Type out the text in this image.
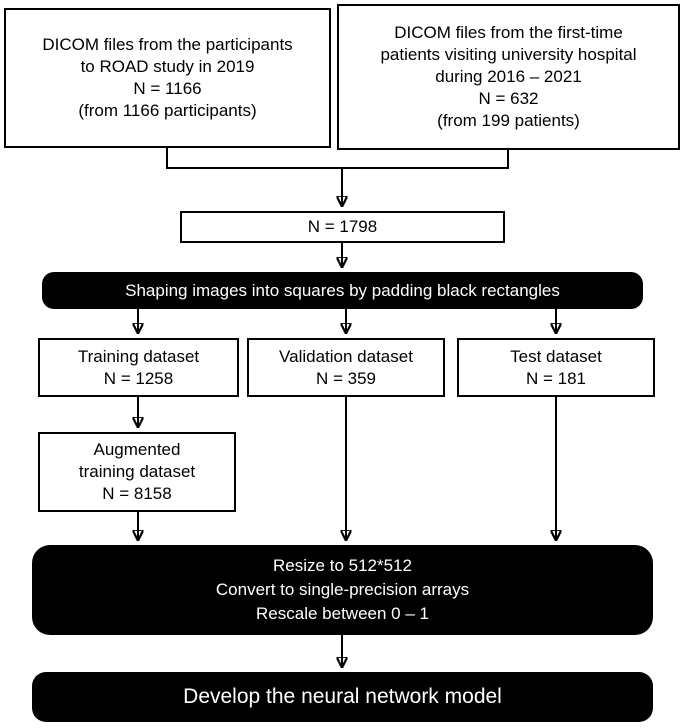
DICOM files from the participants
to ROAD study in 2019
N = 1166
(from 1166 participants)
DICOM files from the first-time
patients visiting university hospital
during 2016 – 2021
N = 632
(from 199 patients)
N = 1798
Shaping images into squares by padding black rectangles
Training dataset
N = 1258
Validation dataset
N = 359
Test dataset
N = 181
Augmented
training dataset
N = 8158
Resize to 512*512
Convert to single-precision arrays
Rescale between 0 – 1
Develop the neural network model
